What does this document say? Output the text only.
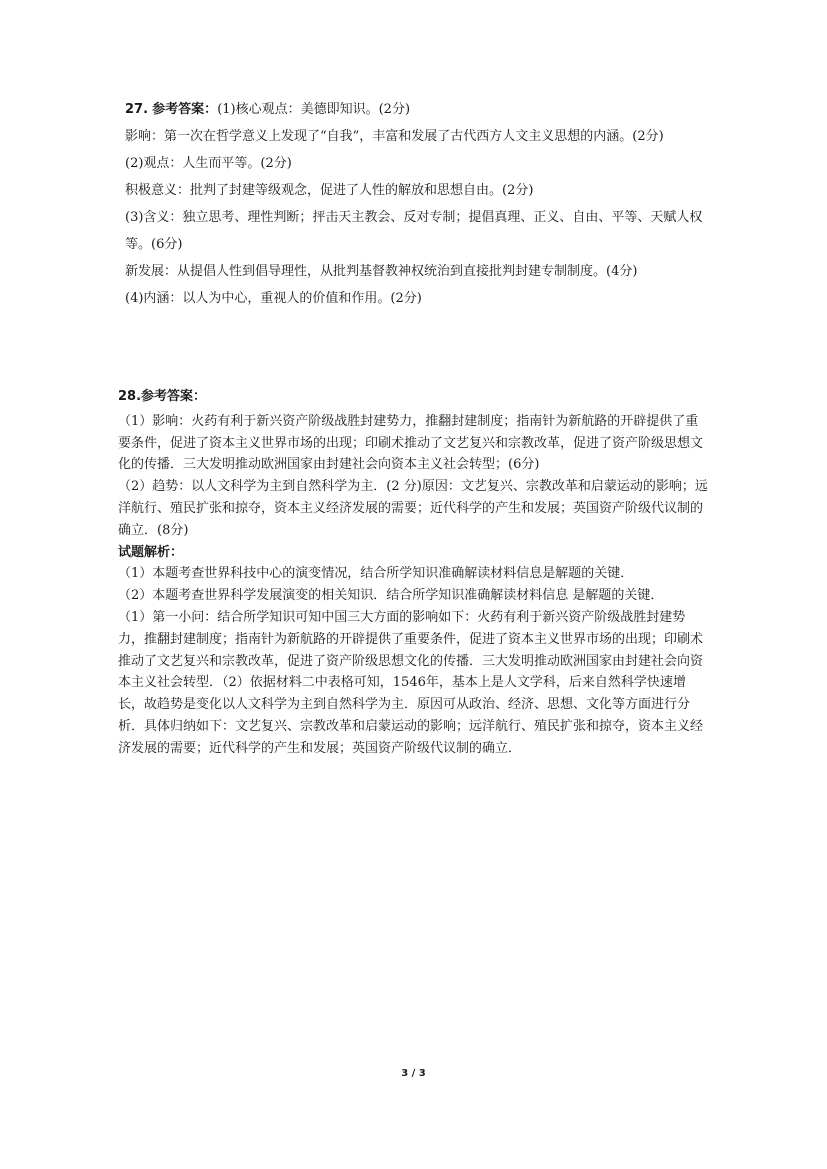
27. 参考答案：(1)核心观点：美德即知识。(2分)

影响：第一次在哲学意义上发现了“自我”，丰富和发展了古代西方人文主义思想的内涵。(2分)

(2)观点：人生而平等。(2分)

积极意义：批判了封建等级观念，促进了人性的解放和思想自由。(2分)

(3)含义：独立思考、理性判断；抨击天主教会、反对专制；提倡真理、正义、自由、平等、天赋人权等。(6分)

新发展：从提倡人性到倡导理性，从批判基督教神权统治到直接批判封建专制制度。(4分)

(4)内涵：以人为中心，重视人的价值和作用。(2分)

28.参考答案：

（1）影响：火药有利于新兴资产阶级战胜封建势力，推翻封建制度；指南针为新航路的开辟提供了重要条件，促进了资本主义世界市场的出现；印刷术推动了文艺复兴和宗教改革，促进了资产阶级思想文化的传播．三大发明推动欧洲国家由封建社会向资本主义社会转型；(6分)

（2）趋势：以人文科学为主到自然科学为主．(2 分)原因：文艺复兴、宗教改革和启蒙运动的影响；远洋航行、殖民扩张和掠夺，资本主义经济发展的需要；近代科学的产生和发展；英国资产阶级代议制的确立．(8分)

试题解析：

（1）本题考查世界科技中心的演变情况，结合所学知识准确解读材料信息是解题的关键．

（2）本题考查世界科学发展演变的相关知识．结合所学知识准确解读材料信息 是解题的关键．

（1）第一小问：结合所学知识可知中国三大方面的影响如下：火药有利于新兴资产阶级战胜封建势力，推翻封建制度；指南针为新航路的开辟提供了重要条件，促进了资本主义世界市场的出现；印刷术推动了文艺复兴和宗教改革，促进了资产阶级思想文化的传播．三大发明推动欧洲国家由封建社会向资本主义社会转型．（2）依据材料二中表格可知，1546年，基本上是人文学科，后来自然科学快速增长，故趋势是变化以人文科学为主到自然科学为主．原因可从政治、经济、思想、文化等方面进行分析．具体归纳如下：文艺复兴、宗教改革和启蒙运动的影响；远洋航行、殖民扩张和掠夺，资本主义经济发展的需要；近代科学的产生和发展；英国资产阶级代议制的确立．

3 / 3
